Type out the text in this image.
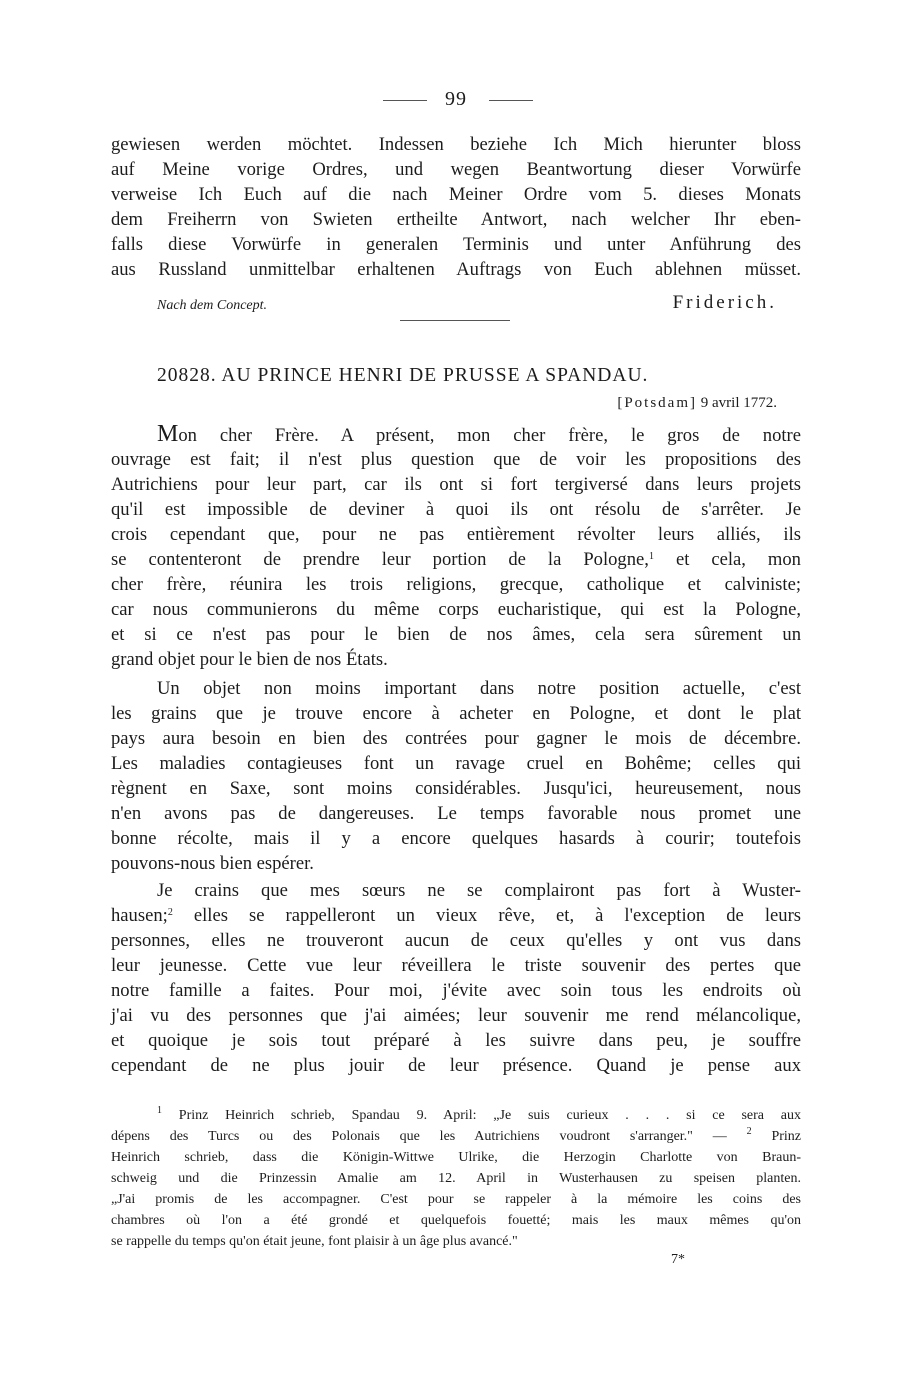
99
gewiesen werden möchtet. Indessen beziehe Ich Mich hierunter bloss
auf Meine vorige Ordres, und wegen Beantwortung dieser Vorwürfe
verweise Ich Euch auf die nach Meiner Ordre vom 5. dieses Monats
dem Freiherrn von Swieten ertheilte Antwort, nach welcher Ihr eben-
falls diese Vorwürfe in generalen Terminis und unter Anführung des
aus Russland unmittelbar erhaltenen Auftrags von Euch ablehnen müsset.
Nach dem Concept.	Friderich.
20828. AU PRINCE HENRI DE PRUSSE A SPANDAU.
[Potsdam] 9 avril 1772.
Mon cher Frère. A présent, mon cher frère, le gros de notre
ouvrage est fait; il n'est plus question que de voir les propositions des
Autrichiens pour leur part, car ils ont si fort tergiversé dans leurs projets
qu'il est impossible de deviner à quoi ils ont résolu de s'arrêter. Je
crois cependant que, pour ne pas entièrement révolter leurs alliés, ils
se contenteront de prendre leur portion de la Pologne,$^1$ et cela, mon
cher frère, réunira les trois religions, grecque, catholique et calviniste;
car nous communierons du même corps eucharistique, qui est la Pologne,
et si ce n'est pas pour le bien de nos âmes, cela sera sûrement un
grand objet pour le bien de nos États.
Un objet non moins important dans notre position actuelle, c'est
les grains que je trouve encore à acheter en Pologne, et dont le plat
pays aura besoin en bien des contrées pour gagner le mois de décembre.
Les maladies contagieuses font un ravage cruel en Bohême; celles qui
règnent en Saxe, sont moins considérables. Jusqu'ici, heureusement, nous
n'en avons pas de dangereuses. Le temps favorable nous promet une
bonne récolte, mais il y a encore quelques hasards à courir; toutefois
pouvons-nous bien espérer.
Je crains que mes sœurs ne se complairont pas fort à Wuster-
hausen;$^2$ elles se rappelleront un vieux rêve, et, à l'exception de leurs
personnes, elles ne trouveront aucun de ceux qu'elles y ont vus dans
leur jeunesse. Cette vue leur réveillera le triste souvenir des pertes que
notre famille a faites. Pour moi, j'évite avec soin tous les endroits où
j'ai vu des personnes que j'ai aimées; leur souvenir me rend mélancolique,
et quoique je sois tout préparé à les suivre dans peu, je souffre
cependant de ne plus jouir de leur présence. Quand je pense aux
$^1$ Prinz Heinrich schrieb, Spandau 9. April: „Je suis curieux . . . si ce sera aux
dépens des Turcs ou des Polonais que les Autrichiens voudront s'arranger." — $^2$ Prinz
Heinrich schrieb, dass die Königin-Wittwe Ulrike, die Herzogin Charlotte von Braun-
schweig und die Prinzessin Amalie am 12. April in Wusterhausen zu speisen planten.
„J'ai promis de les accompagner. C'est pour se rappeler à la mémoire les coins des
chambres où l'on a été grondé et quelquefois fouetté; mais les maux mêmes qu'on
se rappelle du temps qu'on était jeune, font plaisir à un âge plus avancé."
7*
